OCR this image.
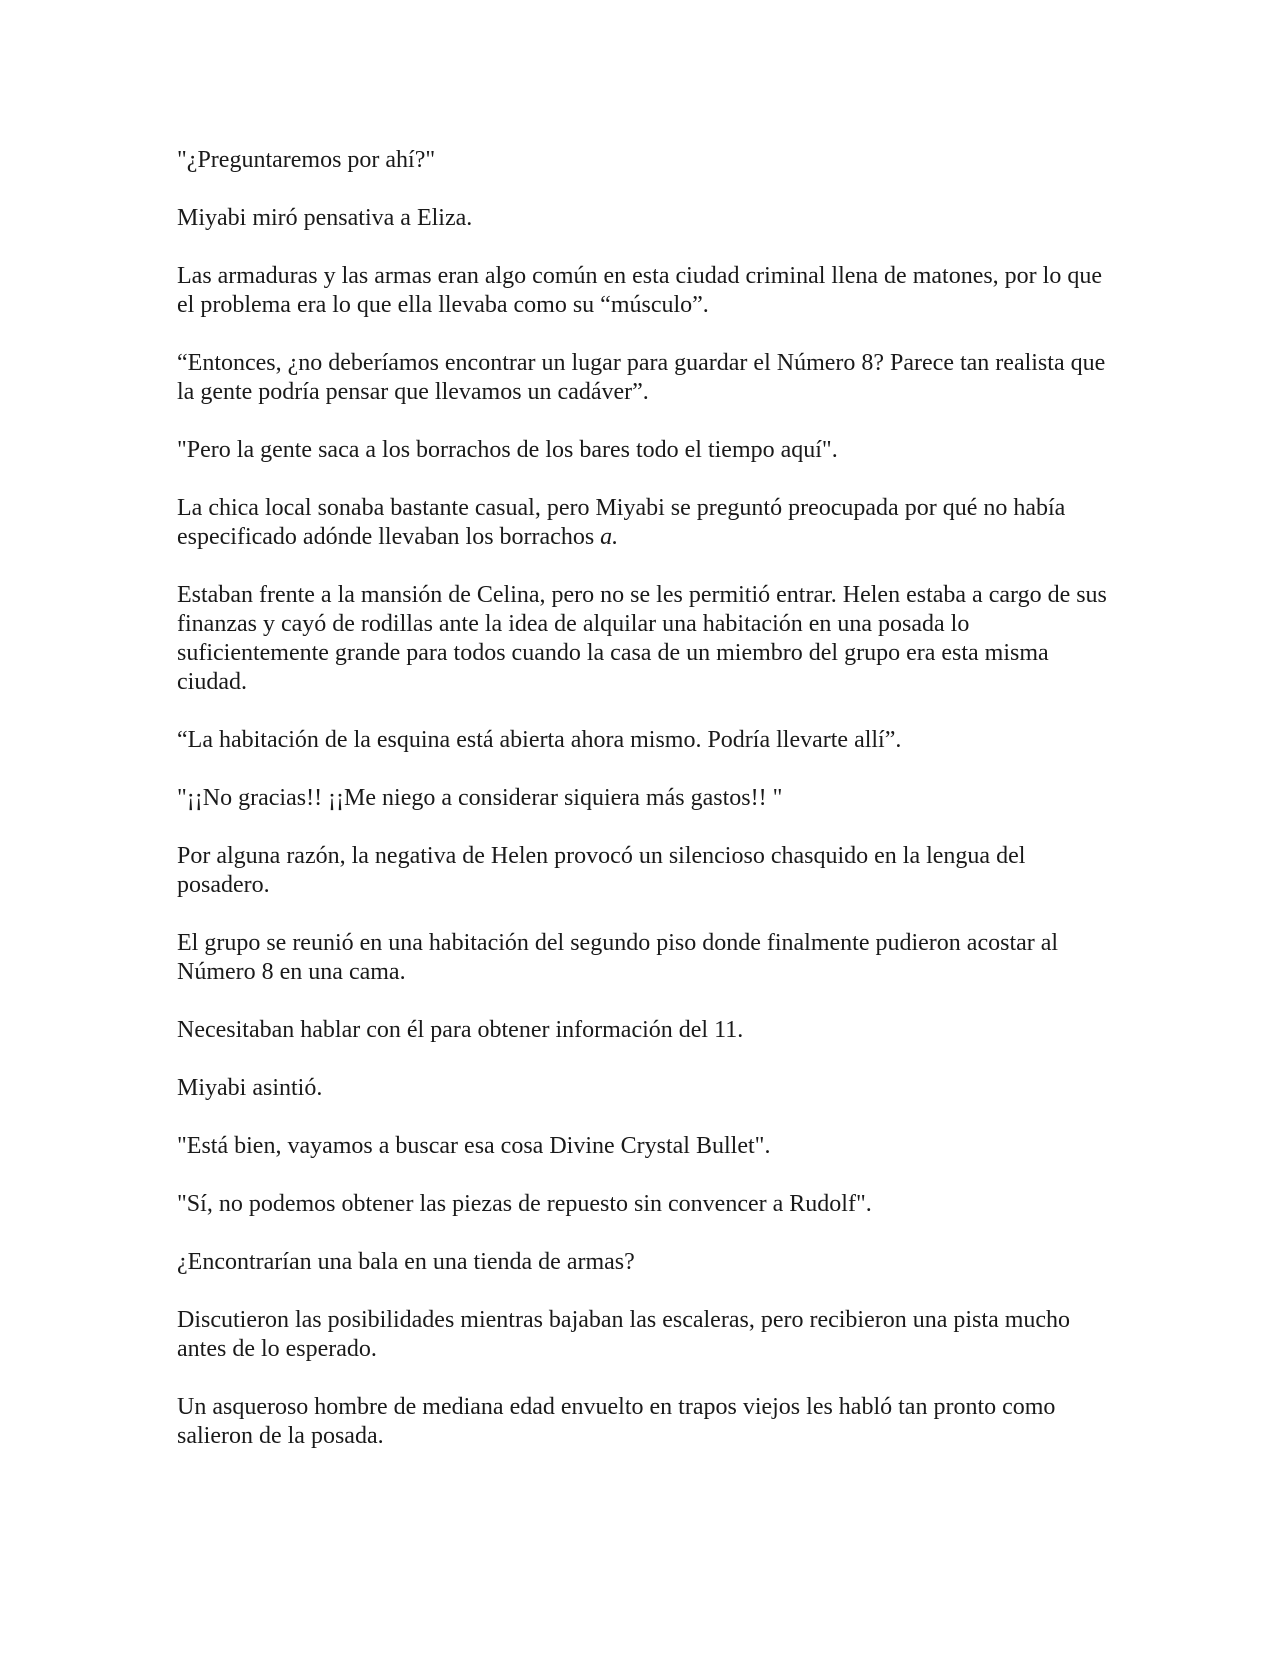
"¿Preguntaremos por ahí?"

Miyabi miró pensativa a Eliza.

Las armaduras y las armas eran algo común en esta ciudad criminal llena de matones, por lo que el problema era lo que ella llevaba como su “músculo”.

“Entonces, ¿no deberíamos encontrar un lugar para guardar el Número 8? Parece tan realista que la gente podría pensar que llevamos un cadáver”.

"Pero la gente saca a los borrachos de los bares todo el tiempo aquí".

La chica local sonaba bastante casual, pero Miyabi se preguntó preocupada por qué no había especificado adónde llevaban los borrachos a.

Estaban frente a la mansión de Celina, pero no se les permitió entrar. Helen estaba a cargo de sus finanzas y cayó de rodillas ante la idea de alquilar una habitación en una posada lo suficientemente grande para todos cuando la casa de un miembro del grupo era esta misma ciudad.

“La habitación de la esquina está abierta ahora mismo. Podría llevarte allí”.

"¡¡No gracias!! ¡¡Me niego a considerar siquiera más gastos!! "

Por alguna razón, la negativa de Helen provocó un silencioso chasquido en la lengua del posadero.

El grupo se reunió en una habitación del segundo piso donde finalmente pudieron acostar al Número 8 en una cama.

Necesitaban hablar con él para obtener información del 11.

Miyabi asintió.

"Está bien, vayamos a buscar esa cosa Divine Crystal Bullet".

"Sí, no podemos obtener las piezas de repuesto sin convencer a Rudolf".

¿Encontrarían una bala en una tienda de armas?

Discutieron las posibilidades mientras bajaban las escaleras, pero recibieron una pista mucho antes de lo esperado.

Un asqueroso hombre de mediana edad envuelto en trapos viejos les habló tan pronto como salieron de la posada.
